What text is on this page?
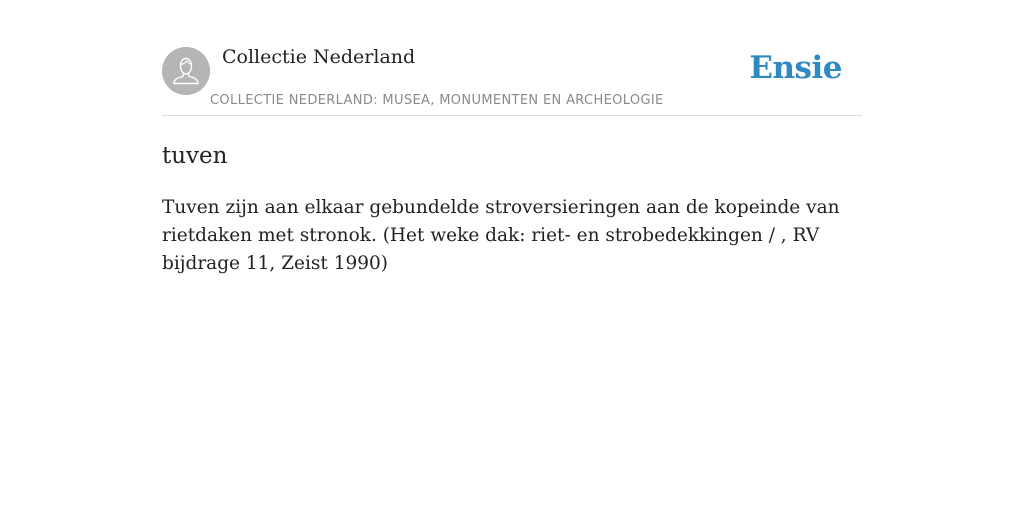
Collectie Nederland
COLLECTIE NEDERLAND: MUSEA, MONUMENTEN EN ARCHEOLOGIE
Ensie
tuven

Tuven zijn aan elkaar gebundelde stroversieringen aan de kopeinde van rietdaken met stronok. (Het weke dak: riet- en strobedekkingen / , RV bijdrage 11, Zeist 1990)
